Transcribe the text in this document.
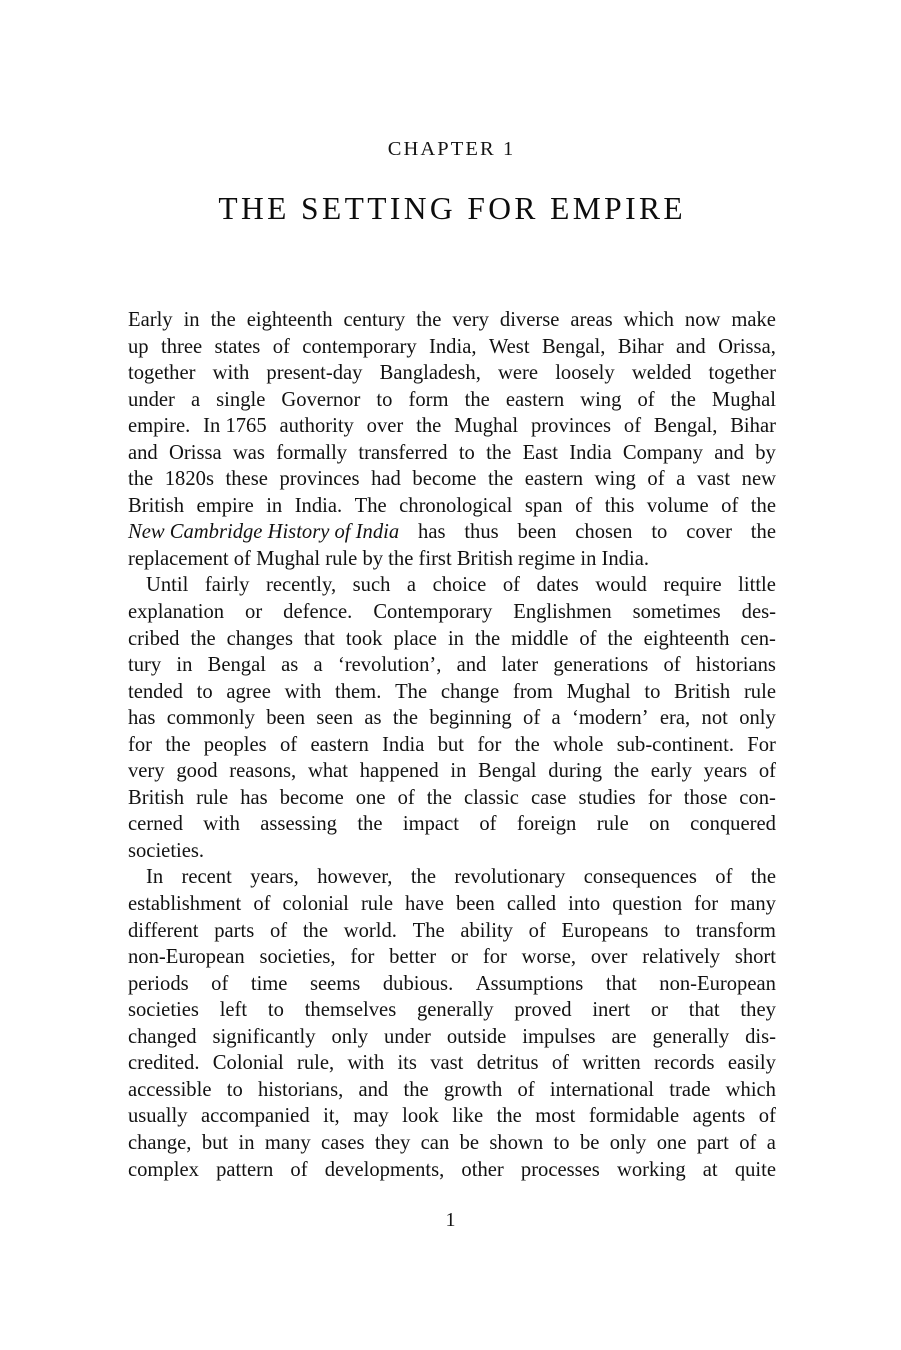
CHAPTER 1
THE SETTING FOR EMPIRE
Early in the eighteenth century the very diverse areas which now make
up three states of contemporary India, West Bengal, Bihar and Orissa,
together with present-day Bangladesh, were loosely welded together
under a single Governor to form the eastern wing of the Mughal
empire. In 1765 authority over the Mughal provinces of Bengal, Bihar
and Orissa was formally transferred to the East India Company and by
the 1820s these provinces had become the eastern wing of a vast new
British empire in India. The chronological span of this volume of the
New Cambridge History of India has thus been chosen to cover the
replacement of Mughal rule by the first British regime in India.
Until fairly recently, such a choice of dates would require little
explanation or defence. Contemporary Englishmen sometimes des-
cribed the changes that took place in the middle of the eighteenth cen-
tury in Bengal as a ‘revolution’, and later generations of historians
tended to agree with them. The change from Mughal to British rule
has commonly been seen as the beginning of a ‘modern’ era, not only
for the peoples of eastern India but for the whole sub-continent. For
very good reasons, what happened in Bengal during the early years of
British rule has become one of the classic case studies for those con-
cerned with assessing the impact of foreign rule on conquered
societies.
In recent years, however, the revolutionary consequences of the
establishment of colonial rule have been called into question for many
different parts of the world. The ability of Europeans to transform
non-European societies, for better or for worse, over relatively short
periods of time seems dubious. Assumptions that non-European
societies left to themselves generally proved inert or that they
changed significantly only under outside impulses are generally dis-
credited. Colonial rule, with its vast detritus of written records easily
accessible to historians, and the growth of international trade which
usually accompanied it, may look like the most formidable agents of
change, but in many cases they can be shown to be only one part of a
complex pattern of developments, other processes working at quite
1
